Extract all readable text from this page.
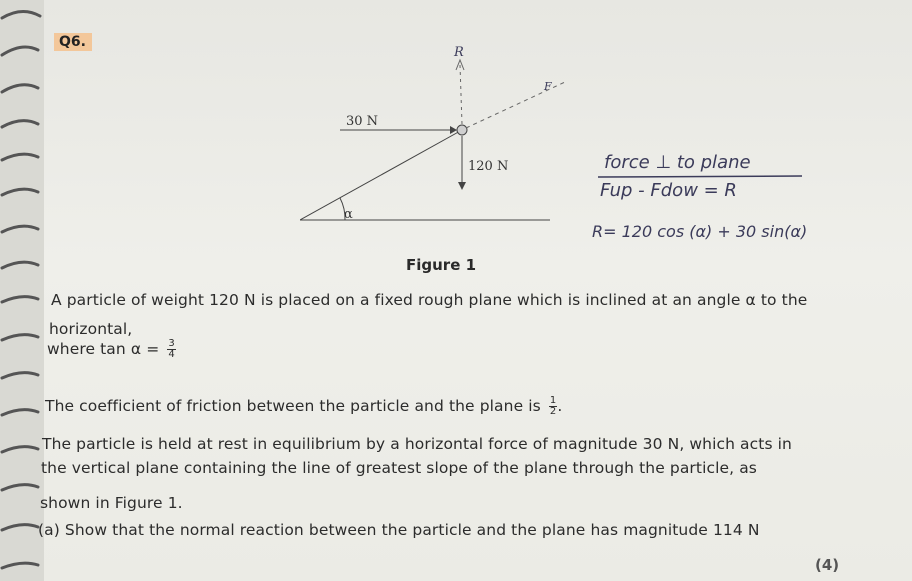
Q6.
α
30 N
120 N
R
F
Figure 1
force ⊥ to plane
Fup - Fdow = R
R= 120 cos (α) + 30 sin(α)
A particle of weight 120 N is placed on a fixed rough plane which is inclined at an angle α to the
horizontal,
where $\tan \alpha = \frac{3}{4}$
The coefficient of friction between the particle and the plane is $\frac{1}{2}$ .
The particle is held at rest in equilibrium by a horizontal force of magnitude 30 N, which acts in
the vertical plane containing the line of greatest slope of the plane through the particle, as
shown in Figure 1.
(a) Show that the normal reaction between the particle and the plane has magnitude 114 N
(4)
